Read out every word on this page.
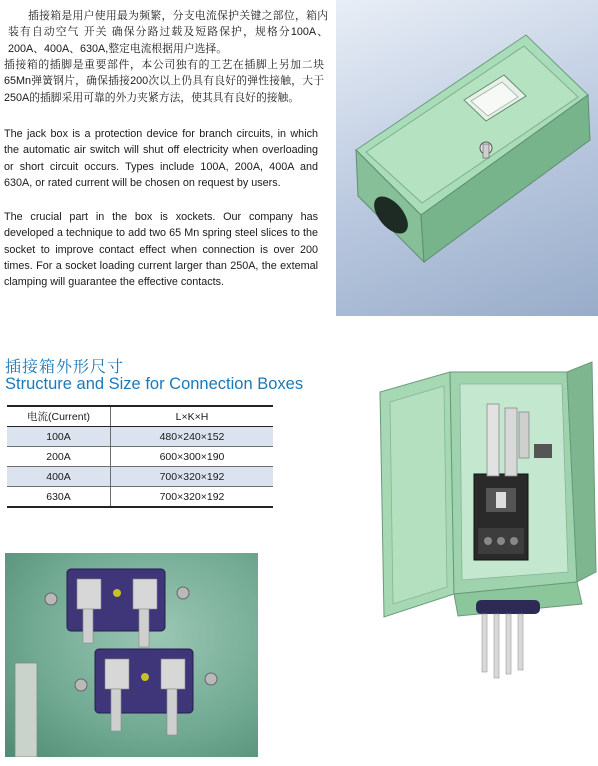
插接箱是用户使用最为频繁，分支电流保护关键之部位，箱内装有自动空气 开关 确保分路过载及短路保护，规格分100A、200A、400A、630A,整定电流根据用户选择。
插接箱的插脚是重要部件，本公司独有的工艺在插脚上另加二块65Mn弹簧钢片，确保插接200次以上仍具有良好的弹性接触，大于250A的插脚采用可靠的外力夹紧方法，使其具有良好的接触。
The jack box is a protection device for branch circuits, in which the automatic air switch will shut off electricity when overloading or short circuit occurs. Types include 100A, 200A, 400A and 630A, or rated current will be chosen on request by users.
The crucial part in the box is xockets. Our company has developed a technique to add two 65 Mn spring steel slices to the socket to improve contact effect when connection is over 200 times. For a socket loading current larger than 250A, the extemal clamping will guarantee the effective contacts.
插接箱外形尺寸
Structure and Size for Connection Boxes
电流(Current)	L×K×H
100A	480×240×152
200A	600×300×190
400A	700×320×192
630A	700×320×192
